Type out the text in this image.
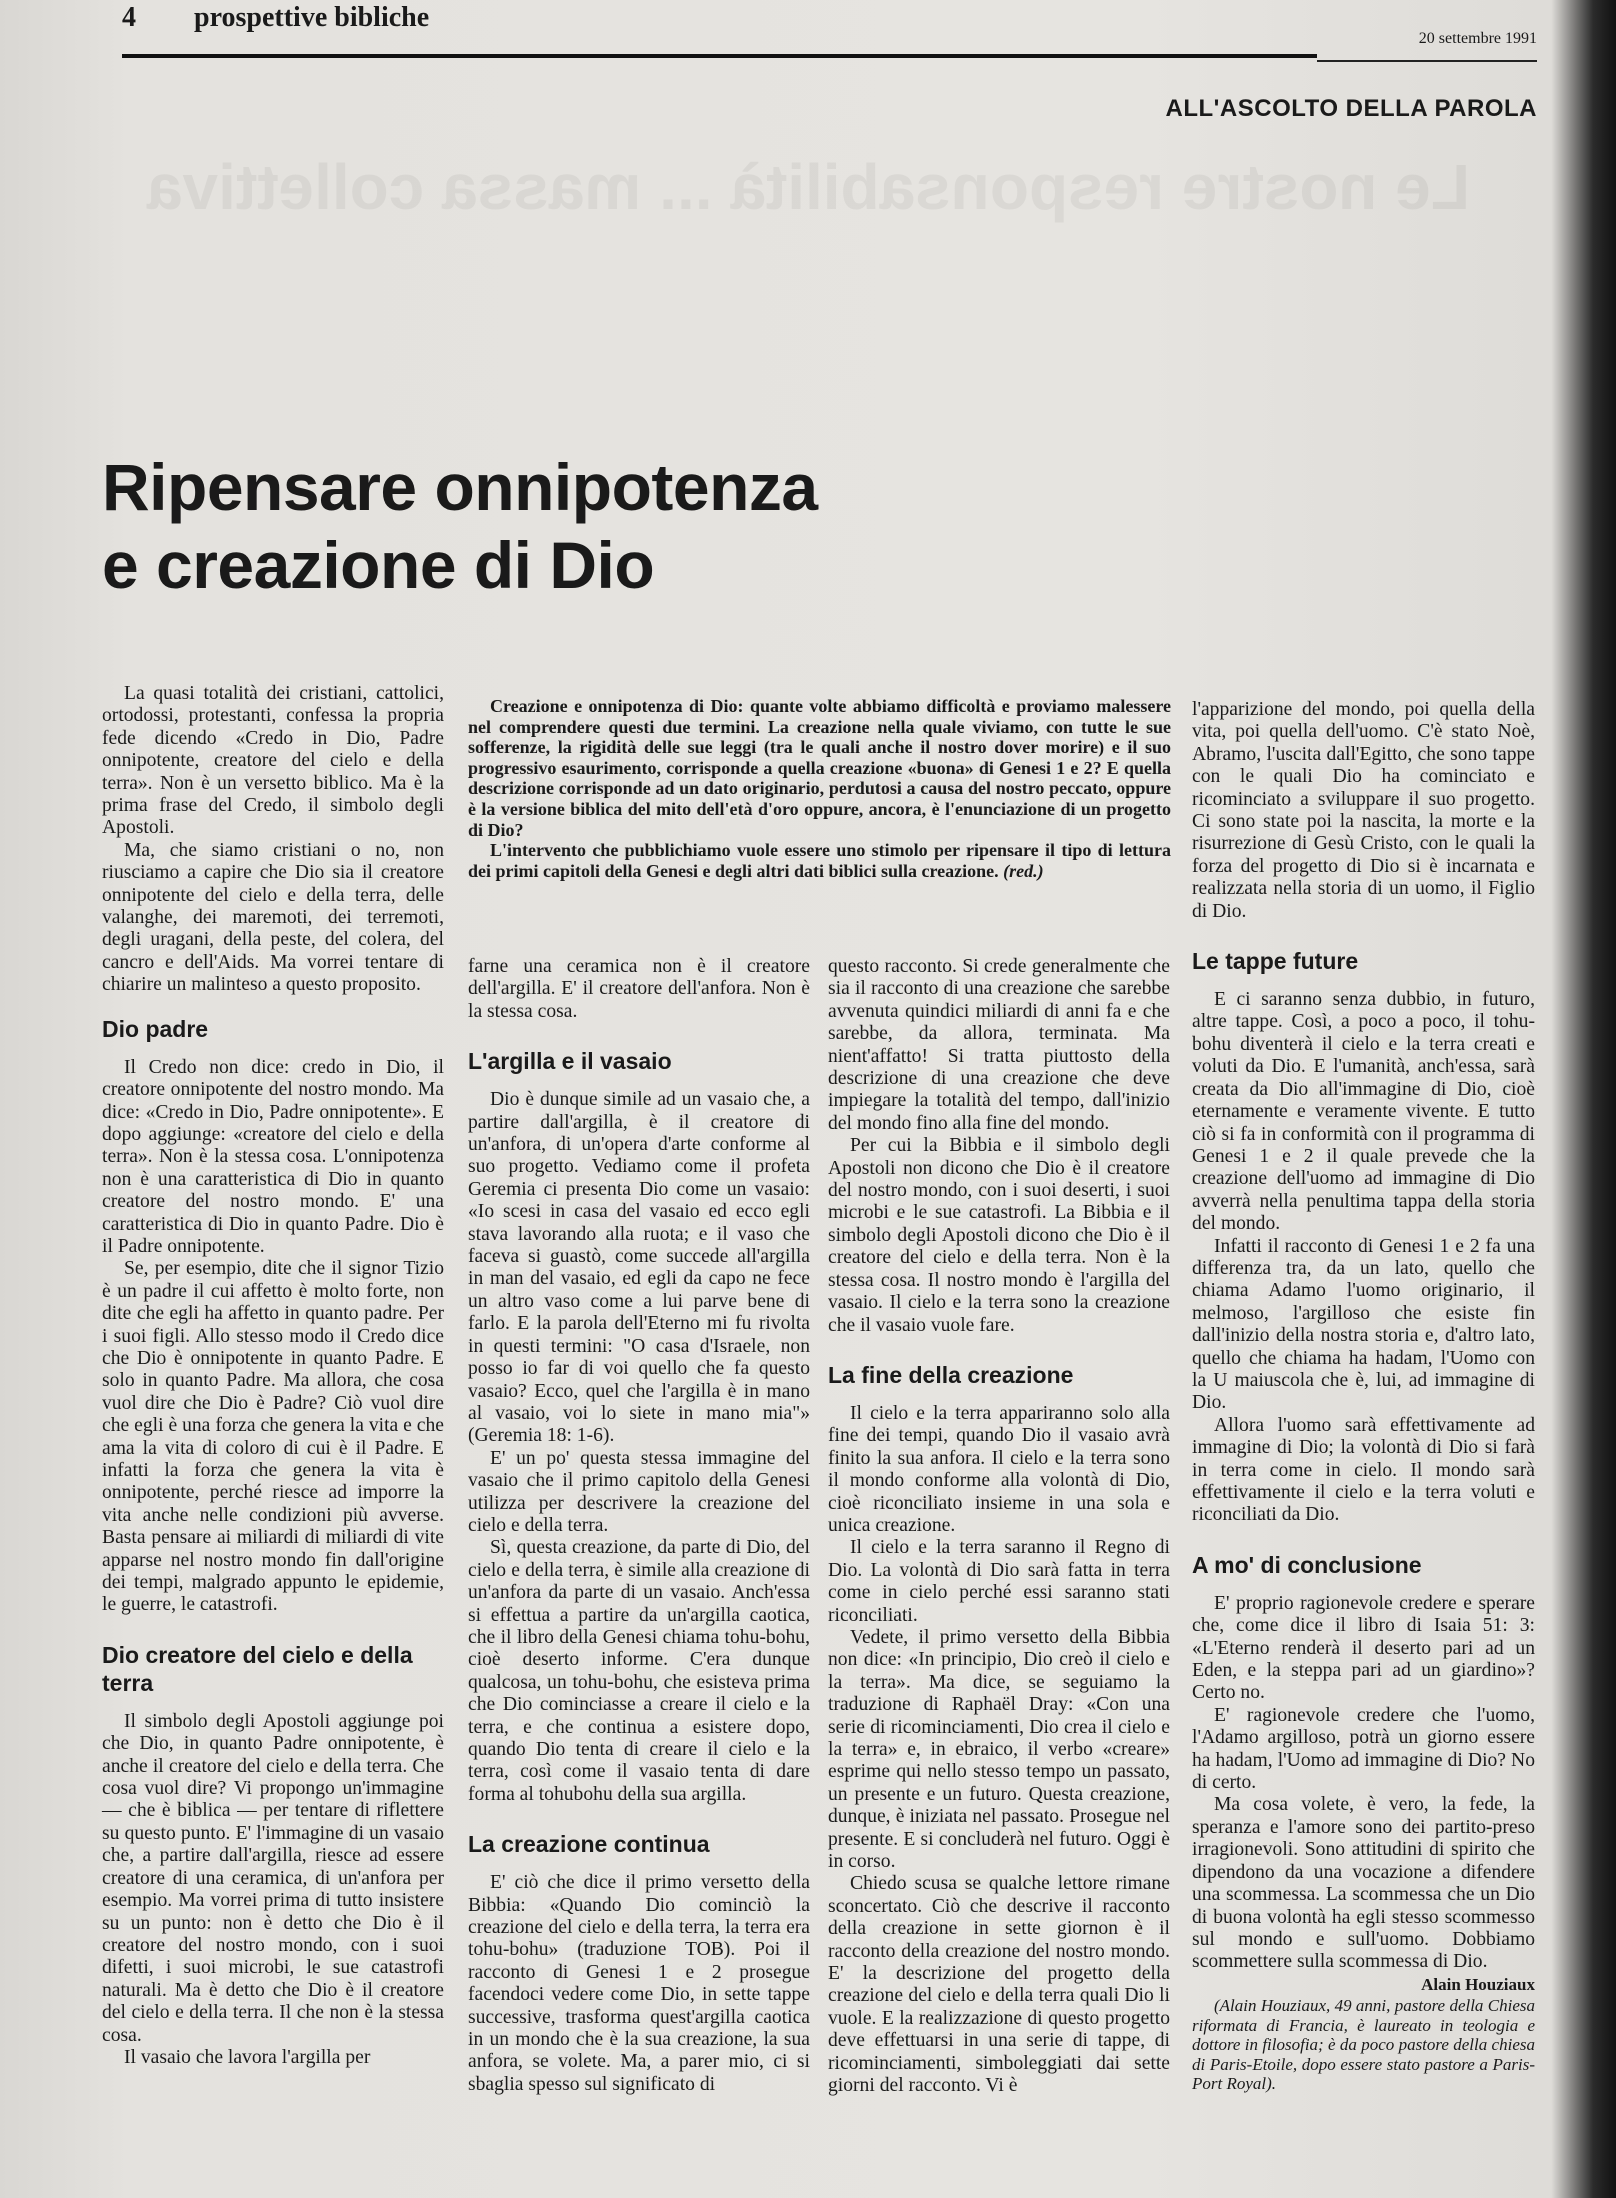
4 prospettive bibliche
20 settembre 1991
ALL'ASCOLTO DELLA PAROLA
Le nostre responsabilità ... massa collettiva
Ripensare onnipotenza
e creazione di Dio

Creazione e onnipotenza di Dio: quante volte abbiamo difficoltà e proviamo malessere nel comprendere questi due termini. La creazione nella quale viviamo, con tutte le sue sofferenze, la rigidità delle sue leggi (tra le quali anche il nostro dover morire) e il suo progressivo esaurimento, corrisponde a quella creazione «buona» di Genesi 1 e 2? E quella descrizione corrisponde ad un dato originario, perdutosi a causa del nostro peccato, oppure è la versione biblica del mito dell'età d'oro oppure, ancora, è l'enunciazione di un progetto di Dio?

L'intervento che pubblichiamo vuole essere uno stimolo per ripensare il tipo di lettura dei primi capitoli della Genesi e degli altri dati biblici sulla creazione. (red.)

La quasi totalità dei cristiani, cattolici, ortodossi, protestanti, confessa la propria fede dicendo «Credo in Dio, Padre onnipotente, creatore del cielo e della terra». Non è un versetto biblico. Ma è la prima frase del Credo, il simbolo degli Apostoli.

Ma, che siamo cristiani o no, non riusciamo a capire che Dio sia il creatore onnipotente del cielo e della terra, delle valanghe, dei maremoti, dei terremoti, degli uragani, della peste, del colera, del cancro e dell'Aids. Ma vorrei tentare di chiarire un malinteso a questo proposito.

Dio padre

Il Credo non dice: credo in Dio, il creatore onnipotente del nostro mondo. Ma dice: «Credo in Dio, Padre onnipotente». E dopo aggiunge: «creatore del cielo e della terra». Non è la stessa cosa. L'onnipotenza non è una caratteristica di Dio in quanto creatore del nostro mondo. E' una caratteristica di Dio in quanto Padre. Dio è il Padre onnipotente.

Se, per esempio, dite che il signor Tizio è un padre il cui affetto è molto forte, non dite che egli ha affetto in quanto padre. Per i suoi figli. Allo stesso modo il Credo dice che Dio è onnipotente in quanto Padre. E solo in quanto Padre. Ma allora, che cosa vuol dire che Dio è Padre? Ciò vuol dire che egli è una forza che genera la vita e che ama la vita di coloro di cui è il Padre. E infatti la forza che genera la vita è onnipotente, perché riesce ad imporre la vita anche nelle condizioni più avverse. Basta pensare ai miliardi di miliardi di vite apparse nel nostro mondo fin dall'origine dei tempi, malgrado appunto le epidemie, le guerre, le catastrofi.

Dio creatore del cielo e della terra

Il simbolo degli Apostoli aggiunge poi che Dio, in quanto Padre onnipotente, è anche il creatore del cielo e della terra. Che cosa vuol dire? Vi propongo un'immagine — che è biblica — per tentare di riflettere su questo punto. E' l'immagine di un vasaio che, a partire dall'argilla, riesce ad essere creatore di una ceramica, di un'anfora per esempio. Ma vorrei prima di tutto insistere su un punto: non è detto che Dio è il creatore del nostro mondo, con i suoi difetti, i suoi microbi, le sue catastrofi naturali. Ma è detto che Dio è il creatore del cielo e della terra. Il che non è la stessa cosa.

Il vasaio che lavora l'argilla per

farne una ceramica non è il creatore dell'argilla. E' il creatore dell'anfora. Non è la stessa cosa.

L'argilla e il vasaio

Dio è dunque simile ad un vasaio che, a partire dall'argilla, è il creatore di un'anfora, di un'opera d'arte conforme al suo progetto. Vediamo come il profeta Geremia ci presenta Dio come un vasaio: «Io scesi in casa del vasaio ed ecco egli stava lavorando alla ruota; e il vaso che faceva si guastò, come succede all'argilla in man del vasaio, ed egli da capo ne fece un altro vaso come a lui parve bene di farlo. E la parola dell'Eterno mi fu rivolta in questi termini: "O casa d'Israele, non posso io far di voi quello che fa questo vasaio? Ecco, quel che l'argilla è in mano al vasaio, voi lo siete in mano mia"» (Geremia 18: 1-6).

E' un po' questa stessa immagine del vasaio che il primo capitolo della Genesi utilizza per descrivere la creazione del cielo e della terra.

Sì, questa creazione, da parte di Dio, del cielo e della terra, è simile alla creazione di un'anfora da parte di un vasaio. Anch'essa si effettua a partire da un'argilla caotica, che il libro della Genesi chiama tohu-bohu, cioè deserto informe. C'era dunque qualcosa, un tohu-bohu, che esisteva prima che Dio cominciasse a creare il cielo e la terra, e che continua a esistere dopo, quando Dio tenta di creare il cielo e la terra, così come il vasaio tenta di dare forma al tohubohu della sua argilla.

La creazione continua

E' ciò che dice il primo versetto della Bibbia: «Quando Dio cominciò la creazione del cielo e della terra, la terra era tohu-bohu» (traduzione TOB). Poi il racconto di Genesi 1 e 2 prosegue facendoci vedere come Dio, in sette tappe successive, trasforma quest'argilla caotica in un mondo che è la sua creazione, la sua anfora, se volete. Ma, a parer mio, ci si sbaglia spesso sul significato di

questo racconto. Si crede generalmente che sia il racconto di una creazione che sarebbe avvenuta quindici miliardi di anni fa e che sarebbe, da allora, terminata. Ma nient'affatto! Si tratta piuttosto della descrizione di una creazione che deve impiegare la totalità del tempo, dall'inizio del mondo fino alla fine del mondo.

Per cui la Bibbia e il simbolo degli Apostoli non dicono che Dio è il creatore del nostro mondo, con i suoi deserti, i suoi microbi e le sue catastrofi. La Bibbia e il simbolo degli Apostoli dicono che Dio è il creatore del cielo e della terra. Non è la stessa cosa. Il nostro mondo è l'argilla del vasaio. Il cielo e la terra sono la creazione che il vasaio vuole fare.

La fine della creazione

Il cielo e la terra appariranno solo alla fine dei tempi, quando Dio il vasaio avrà finito la sua anfora. Il cielo e la terra sono il mondo conforme alla volontà di Dio, cioè riconciliato insieme in una sola e unica creazione.

Il cielo e la terra saranno il Regno di Dio. La volontà di Dio sarà fatta in terra come in cielo perché essi saranno stati riconciliati.

Vedete, il primo versetto della Bibbia non dice: «In principio, Dio creò il cielo e la terra». Ma dice, se seguiamo la traduzione di Raphaël Dray: «Con una serie di ricominciamenti, Dio crea il cielo e la terra» e, in ebraico, il verbo «creare» esprime qui nello stesso tempo un passato, un presente e un futuro. Questa creazione, dunque, è iniziata nel passato. Prosegue nel presente. E si concluderà nel futuro. Oggi è in corso.

Chiedo scusa se qualche lettore rimane sconcertato. Ciò che descrive il racconto della creazione in sette giornon è il racconto della creazione del nostro mondo. E' la descrizione del progetto della creazione del cielo e della terra quali Dio li vuole. E la realizzazione di questo progetto deve effettuarsi in una serie di tappe, di ricominciamenti, simboleggiati dai sette giorni del racconto. Vi è

l'apparizione del mondo, poi quella della vita, poi quella dell'uomo. C'è stato Noè, Abramo, l'uscita dall'Egitto, che sono tappe con le quali Dio ha cominciato e ricominciato a sviluppare il suo progetto. Ci sono state poi la nascita, la morte e la risurrezione di Gesù Cristo, con le quali la forza del progetto di Dio si è incarnata e realizzata nella storia di un uomo, il Figlio di Dio.

Le tappe future

E ci saranno senza dubbio, in futuro, altre tappe. Così, a poco a poco, il tohu-bohu diventerà il cielo e la terra creati e voluti da Dio. E l'umanità, anch'essa, sarà creata da Dio all'immagine di Dio, cioè eternamente e veramente vivente. E tutto ciò si fa in conformità con il programma di Genesi 1 e 2 il quale prevede che la creazione dell'uomo ad immagine di Dio avverrà nella penultima tappa della storia del mondo.

Infatti il racconto di Genesi 1 e 2 fa una differenza tra, da un lato, quello che chiama Adamo l'uomo originario, il melmoso, l'argilloso che esiste fin dall'inizio della nostra storia e, d'altro lato, quello che chiama ha hadam, l'Uomo con la U maiuscola che è, lui, ad immagine di Dio.

Allora l'uomo sarà effettivamente ad immagine di Dio; la volontà di Dio si farà in terra come in cielo. Il mondo sarà effettivamente il cielo e la terra voluti e riconciliati da Dio.

A mo' di conclusione

E' proprio ragionevole credere e sperare che, come dice il libro di Isaia 51: 3: «L'Eterno renderà il deserto pari ad un Eden, e la steppa pari ad un giardino»? Certo no.

E' ragionevole credere che l'uomo, l'Adamo argilloso, potrà un giorno essere ha hadam, l'Uomo ad immagine di Dio? No di certo.

Ma cosa volete, è vero, la fede, la speranza e l'amore sono dei partito-preso irragionevoli. Sono attitudini di spirito che dipendono da una vocazione a difendere una scommessa. La scommessa che un Dio di buona volontà ha egli stesso scommesso sul mondo e sull'uomo. Dobbiamo scommettere sulla scommessa di Dio.

Alain Houziaux

(Alain Houziaux, 49 anni, pastore della Chiesa riformata di Francia, è laureato in teologia e dottore in filosofia; è da poco pastore della chiesa di Paris-Etoile, dopo essere stato pastore a Paris-Port Royal).
